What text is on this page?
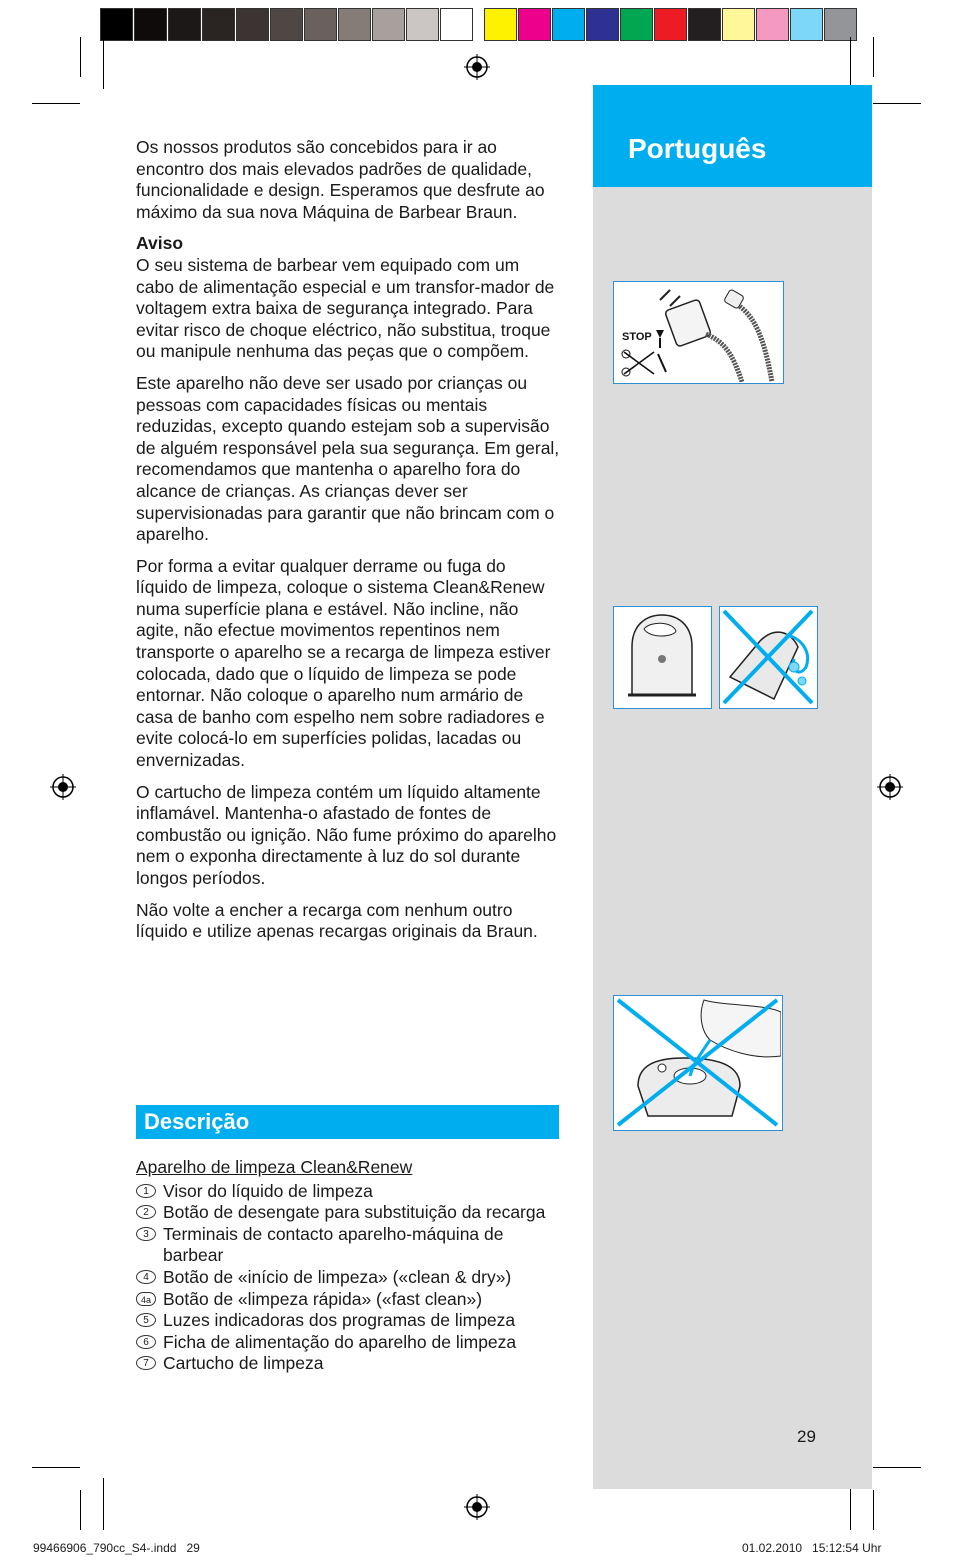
Português
STOP

Os nossos produtos são concebidos para ir ao encontro dos mais elevados padrões de qualidade, funcionalidade e design. Esperamos que desfrute ao máximo da sua nova Máquina de Barbear Braun.

Aviso

O seu sistema de barbear vem equipado com um cabo de alimentação especial e um transfor-mador de voltagem extra baixa de segurança integrado. Para evitar risco de choque eléctrico, não substitua, troque ou manipule nenhuma das peças que o compõem.

Este aparelho não deve ser usado por crianças ou pessoas com capacidades físicas ou mentais reduzidas, excepto quando estejam sob a supervisão de alguém responsável pela sua segurança. Em geral, recomendamos que mantenha o aparelho fora do alcance de crianças. As crianças dever ser supervisionadas para garantir que não brincam com o aparelho.

Por forma a evitar qualquer derrame ou fuga do líquido de limpeza, coloque o sistema Clean&Renew numa superfície plana e estável. Não incline, não agite, não efectue movimentos repentinos nem transporte o aparelho se a recarga de limpeza estiver colocada, dado que o líquido de limpeza se pode entornar. Não coloque o aparelho num armário de casa de banho com espelho nem sobre radiadores e evite colocá-lo em superfícies polidas, lacadas ou envernizadas.

O cartucho de limpeza contém um líquido altamente inflamável. Mantenha-o afastado de fontes de combustão ou ignição. Não fume próximo do aparelho nem o exponha directamente à luz do sol durante longos períodos.

Não volte a encher a recarga com nenhum outro líquido e utilize apenas recargas originais da Braun.

Descrição
Aparelho de limpeza Clean&Renew
1 Visor do líquido de limpeza
2 Botão de desengate para substituição da recarga
3 Terminais de contacto aparelho-máquina de barbear
4 Botão de «início de limpeza» («clean & dry»)
4a Botão de «limpeza rápida» («fast clean»)
5 Luzes indicadoras dos programas de limpeza
6 Ficha de alimentação do aparelho de limpeza
7 Cartucho de limpeza
29
99466906_790cc_S4-.indd   29	01.02.2010   15:12:54 Uhr
